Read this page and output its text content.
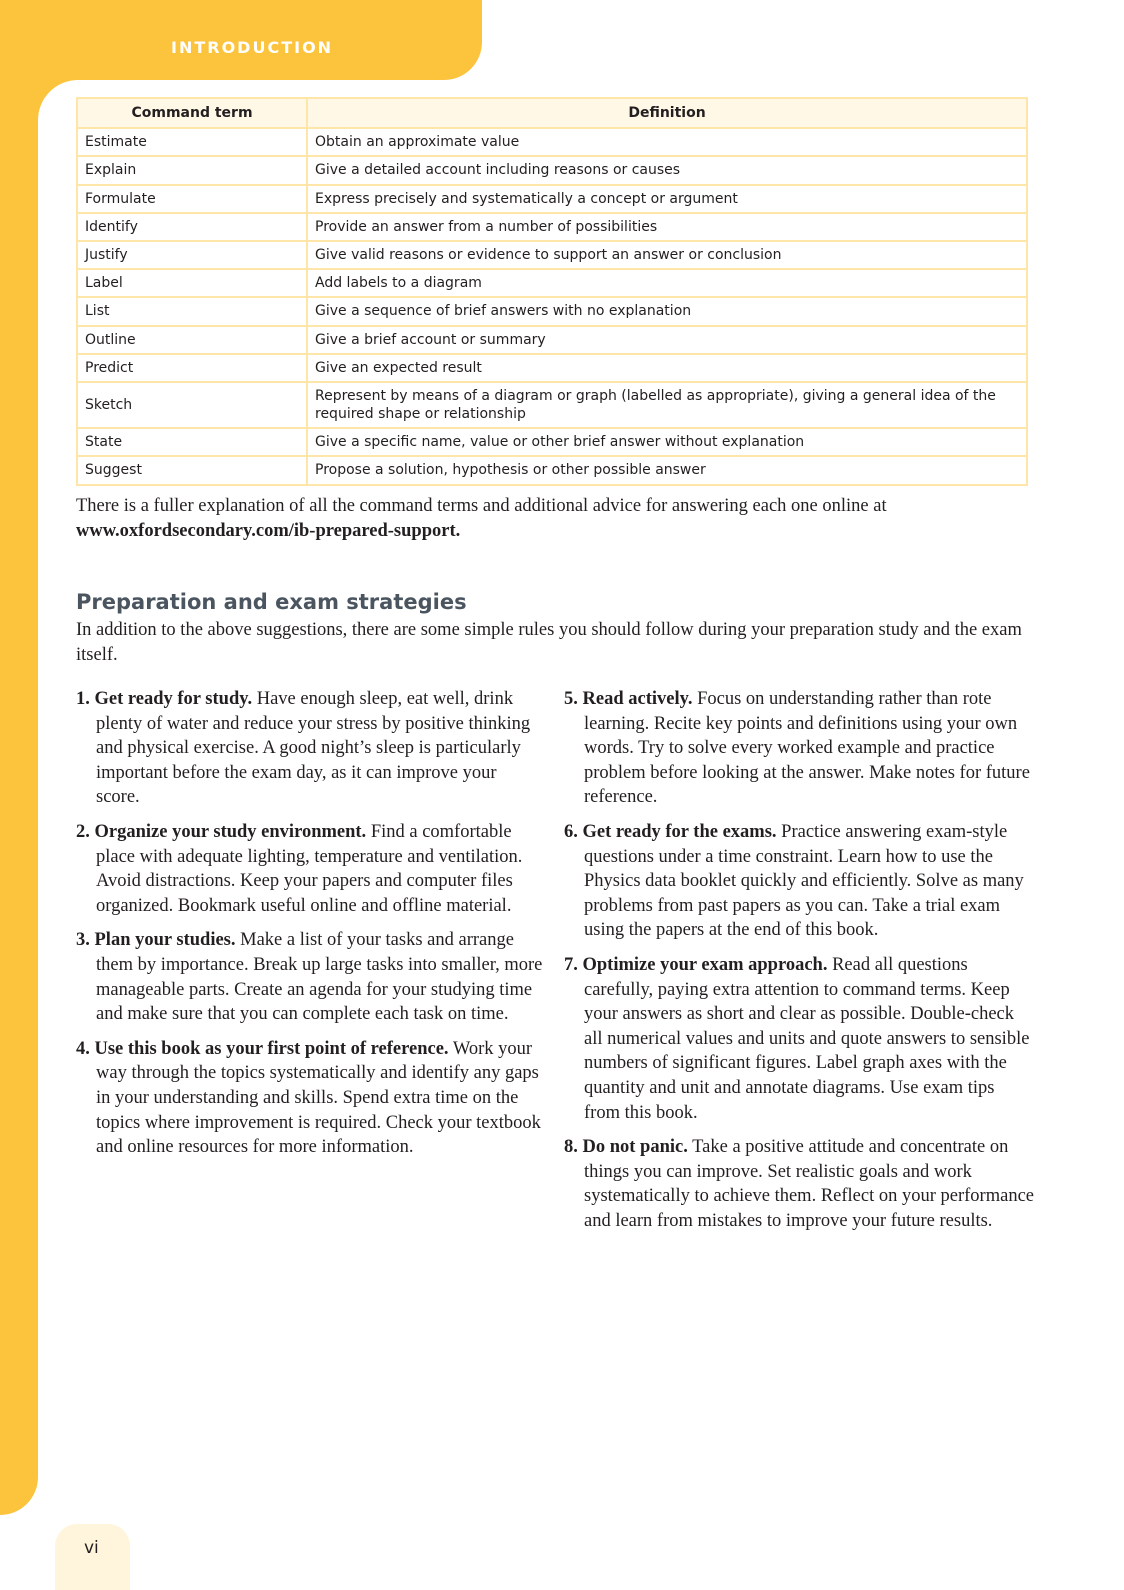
INTRODUCTION
Command term	Definition
Estimate	Obtain an approximate value
Explain	Give a detailed account including reasons or causes
Formulate	Express precisely and systematically a concept or argument
Identify	Provide an answer from a number of possibilities
Justify	Give valid reasons or evidence to support an answer or conclusion
Label	Add labels to a diagram
List	Give a sequence of brief answers with no explanation
Outline	Give a brief account or summary
Predict	Give an expected result
Sketch	Represent by means of a diagram or graph (labelled as appropriate), giving a general idea of the required shape or relationship
State	Give a specific name, value or other brief answer without explanation
Suggest	Propose a solution, hypothesis or other possible answer
There is a fuller explanation of all the command terms and additional advice for answering each one online at www.oxfordsecondary.com/ib-prepared-support.
Preparation and exam strategies
In addition to the above suggestions, there are some simple rules you should follow during your preparation study and the exam itself.
1. Get ready for study. Have enough sleep, eat well, drink plenty of water and reduce your stress by positive thinking and physical exercise. A good night’s sleep is particularly important before the exam day, as it can improve your score.
2. Organize your study environment. Find a comfortable place with adequate lighting, temperature and ventilation. Avoid distractions. Keep your papers and computer files organized. Bookmark useful online and offline material.
3. Plan your studies. Make a list of your tasks and arrange them by importance. Break up large tasks into smaller, more manageable parts. Create an agenda for your studying time and make sure that you can complete each task on time.
4. Use this book as your first point of reference. Work your way through the topics systematically and identify any gaps in your understanding and skills. Spend extra time on the topics where improvement is required. Check your textbook and online resources for more information.
5. Read actively. Focus on understanding rather than rote learning. Recite key points and definitions using your own words. Try to solve every worked example and practice problem before looking at the answer. Make notes for future reference.
6. Get ready for the exams. Practice answering exam-style questions under a time constraint. Learn how to use the Physics data booklet quickly and efficiently. Solve as many problems from past papers as you can. Take a trial exam using the papers at the end of this book.
7. Optimize your exam approach. Read all questions carefully, paying extra attention to command terms. Keep your answers as short and clear as possible. Double-check all numerical values and units and quote answers to sensible numbers of significant figures. Label graph axes with the quantity and unit and annotate diagrams. Use exam tips from this book.
8. Do not panic. Take a positive attitude and concentrate on things you can improve. Set realistic goals and work systematically to achieve them. Reflect on your performance and learn from mistakes to improve your future results.
vi
